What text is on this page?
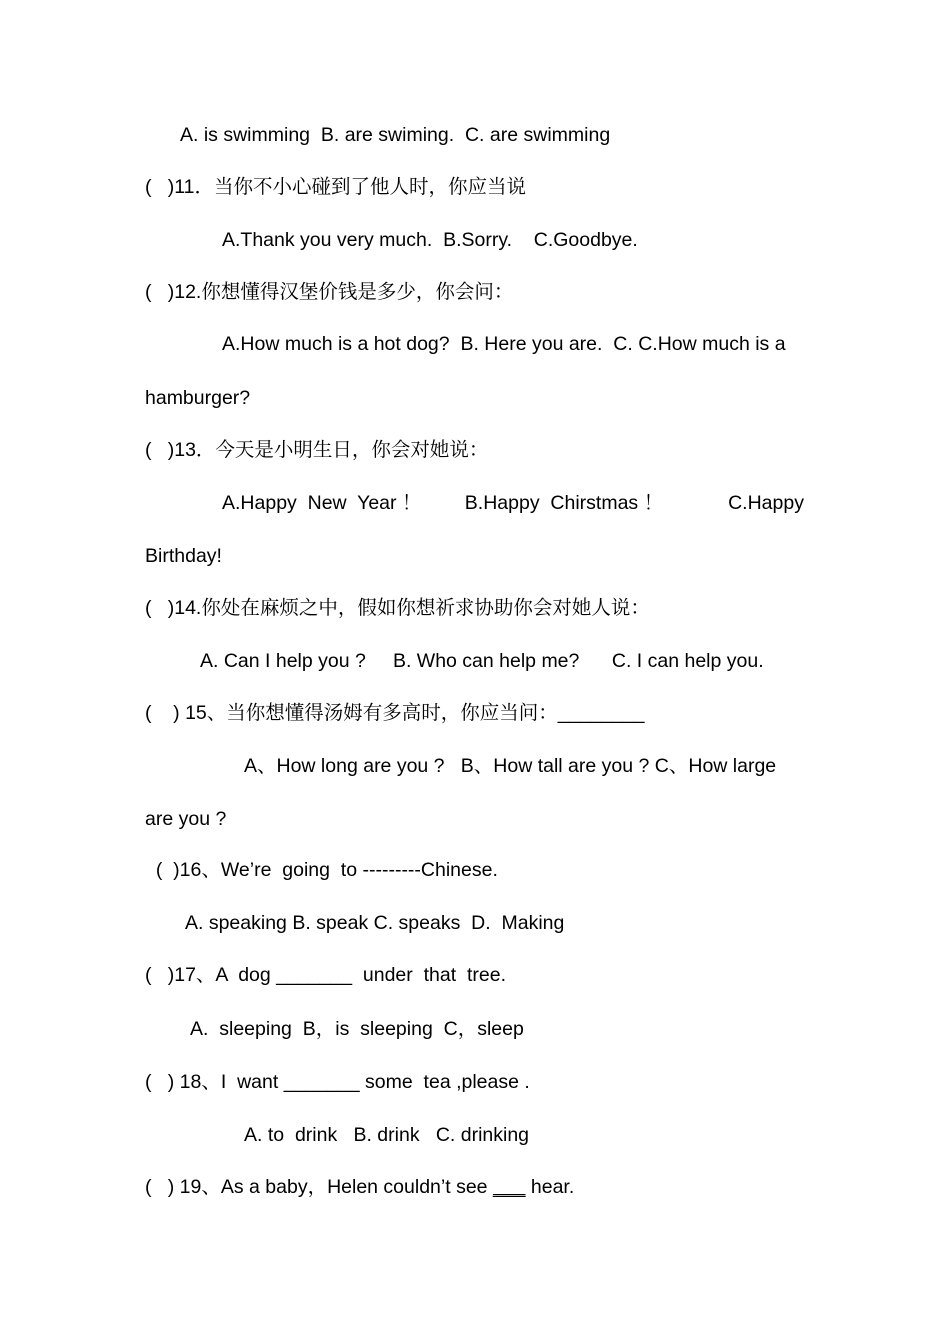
A. is swimming  B. are swiming.  C. are swimming
(   )11．当你不小心碰到了他人时，你应当说
A.Thank you very much.  B.Sorry.    C.Goodbye.
(   )12.你想懂得汉堡价钱是多少，你会问：
A.How much is a hot dog?  B. Here you are.  C. C.How much is a
hamburger?
(   )13．今天是小明生日，你会对她说：
A.Happy  New  Year ！        B.Happy  Chirstmas ！            C.Happy
Birthday!
(   )14.你处在麻烦之中，假如你想祈求协助你会对她人说：
A. Can I help you ?     B. Who can help me?      C. I can help you.
(    ) 15、当你想懂得汤姆有多高时，你应当问：________
A、How long are you ?   B、How tall are you ? C、How large
are you ?
(  )16、We’re  going  to ---------Chinese.
A. speaking B. speak C. speaks  D.  Making
(   )17、A  dog _______  under  that  tree.
A.  sleeping  B，is  sleeping  C，sleep
(   ) 18、I  want _______ some  tea ,please .
A. to  drink   B. drink   C. drinking
(   ) 19、As a baby，Helen couldn’t see ___ hear.
